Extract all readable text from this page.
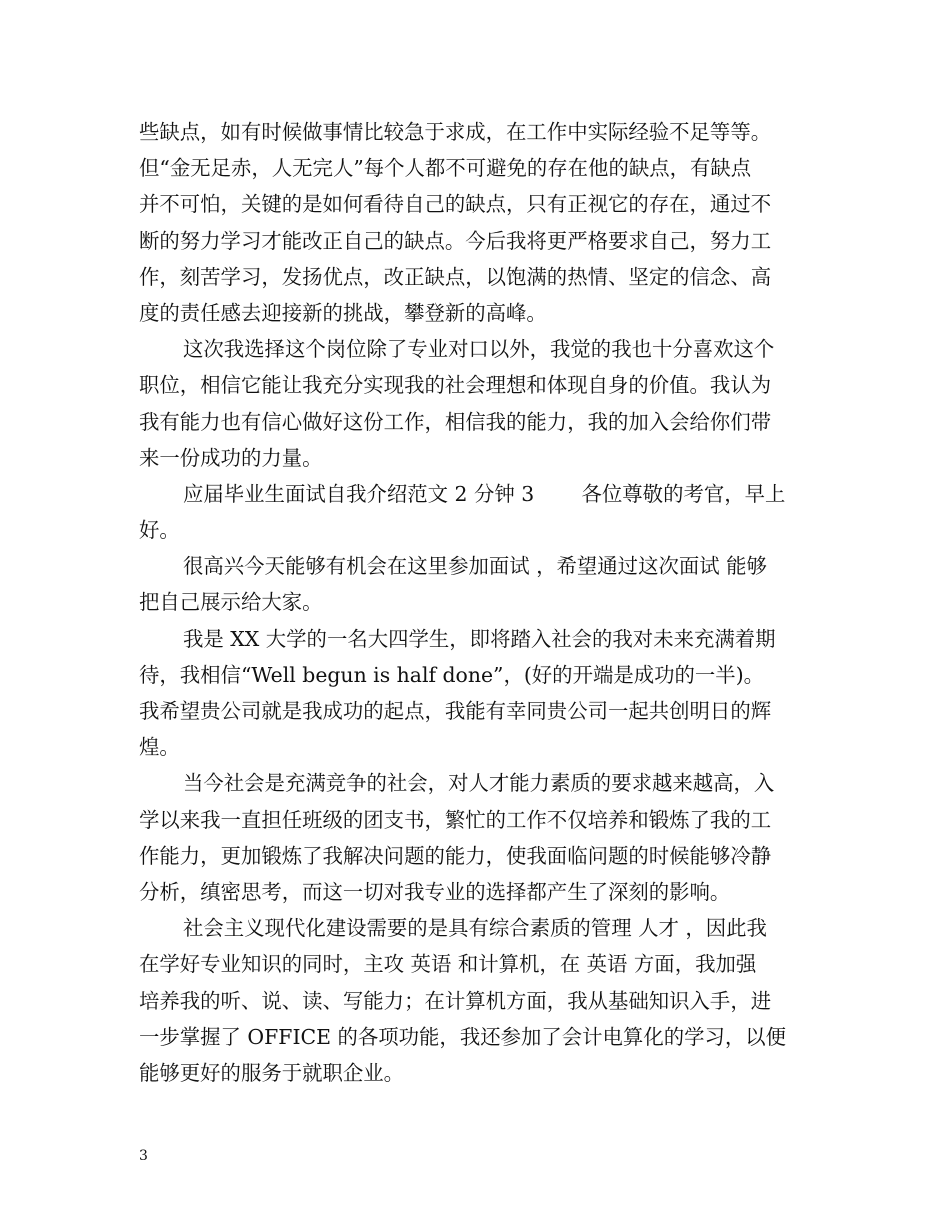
些缺点，如有时候做事情比较急于求成，在工作中实际经验不足等等。
但“金无足赤，人无完人”每个人都不可避免的存在他的缺点，有缺点
并不可怕，关键的是如何看待自己的缺点，只有正视它的存在，通过不
断的努力学习才能改正自己的缺点。今后我将更严格要求自己，努力工
作，刻苦学习，发扬优点，改正缺点，以饱满的热情、坚定的信念、高
度的责任感去迎接新的挑战，攀登新的高峰。
这次我选择这个岗位除了专业对口以外，我觉的我也十分喜欢这个
职位，相信它能让我充分实现我的社会理想和体现自身的价值。我认为
我有能力也有信心做好这份工作，相信我的能力，我的加入会给你们带
来一份成功的力量。
应届毕业生面试自我介绍范文 2 分钟 3　　 各位尊敬的考官，早上
好。
很高兴今天能够有机会在这里参加面试 ，希望通过这次面试 能够
把自己展示给大家。
我是 XX 大学的一名大四学生，即将踏入社会的我对未来充满着期
待，我相信“Well begun is half done”，(好的开端是成功的一半)。
我希望贵公司就是我成功的起点，我能有幸同贵公司一起共创明日的辉
煌。
当今社会是充满竞争的社会，对人才能力素质的要求越来越高，入
学以来我一直担任班级的团支书，繁忙的工作不仅培养和锻炼了我的工
作能力，更加锻炼了我解决问题的能力，使我面临问题的时候能够冷静
分析，缜密思考，而这一切对我专业的选择都产生了深刻的影响。
社会主义现代化建设需要的是具有综合素质的管理 人才 ，因此我
在学好专业知识的同时，主攻 英语 和计算机，在 英语 方面，我加强
培养我的听、说、读、写能力；在计算机方面，我从基础知识入手，进
一步掌握了 OFFICE 的各项功能，我还参加了会计电算化的学习，以便
能够更好的服务于就职企业。
3
